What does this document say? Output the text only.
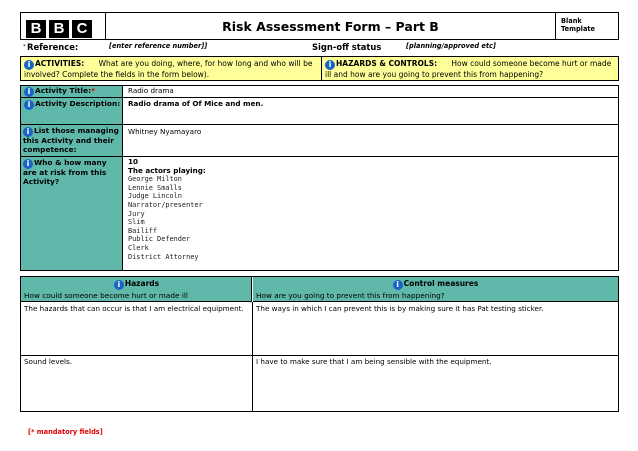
B B C	Risk Assessment Form – Part B	Blank Template
* Reference:	[enter reference number]]	Sign-off status	[planning/approved etc]
i ACTIVITIES: What are you doing, where, for how long and who will be involved? Complete the fields in the form below).
i HAZARDS & CONTROLS: How could someone become hurt or made ill and how are you going to prevent this from happening?
i Activity Title:*	Radio drama
i Activity Description: Radio drama of Of Mice and men.
i List those managing this Activity and their competence:
Whitney Nyamayaro
i Who & how many are at risk from this Activity?
10
The actors playing:
George Milton
Lennie Smalls
Judge Lincoln
Narrator/presenter
Jury
Slim
Bailiff
Public Defender
Clerk
District Attorney
i Hazards
How could someone become hurt or made ill
i Control measures
How are you going to prevent this from happening?
The hazards that can occur is that I am electrical equipment.	The ways in which I can prevent this is by making sure it has Pat testing sticker.
Sound levels.	I have to make sure that I am being sensible with the equipment.
[* mandatory fields]
